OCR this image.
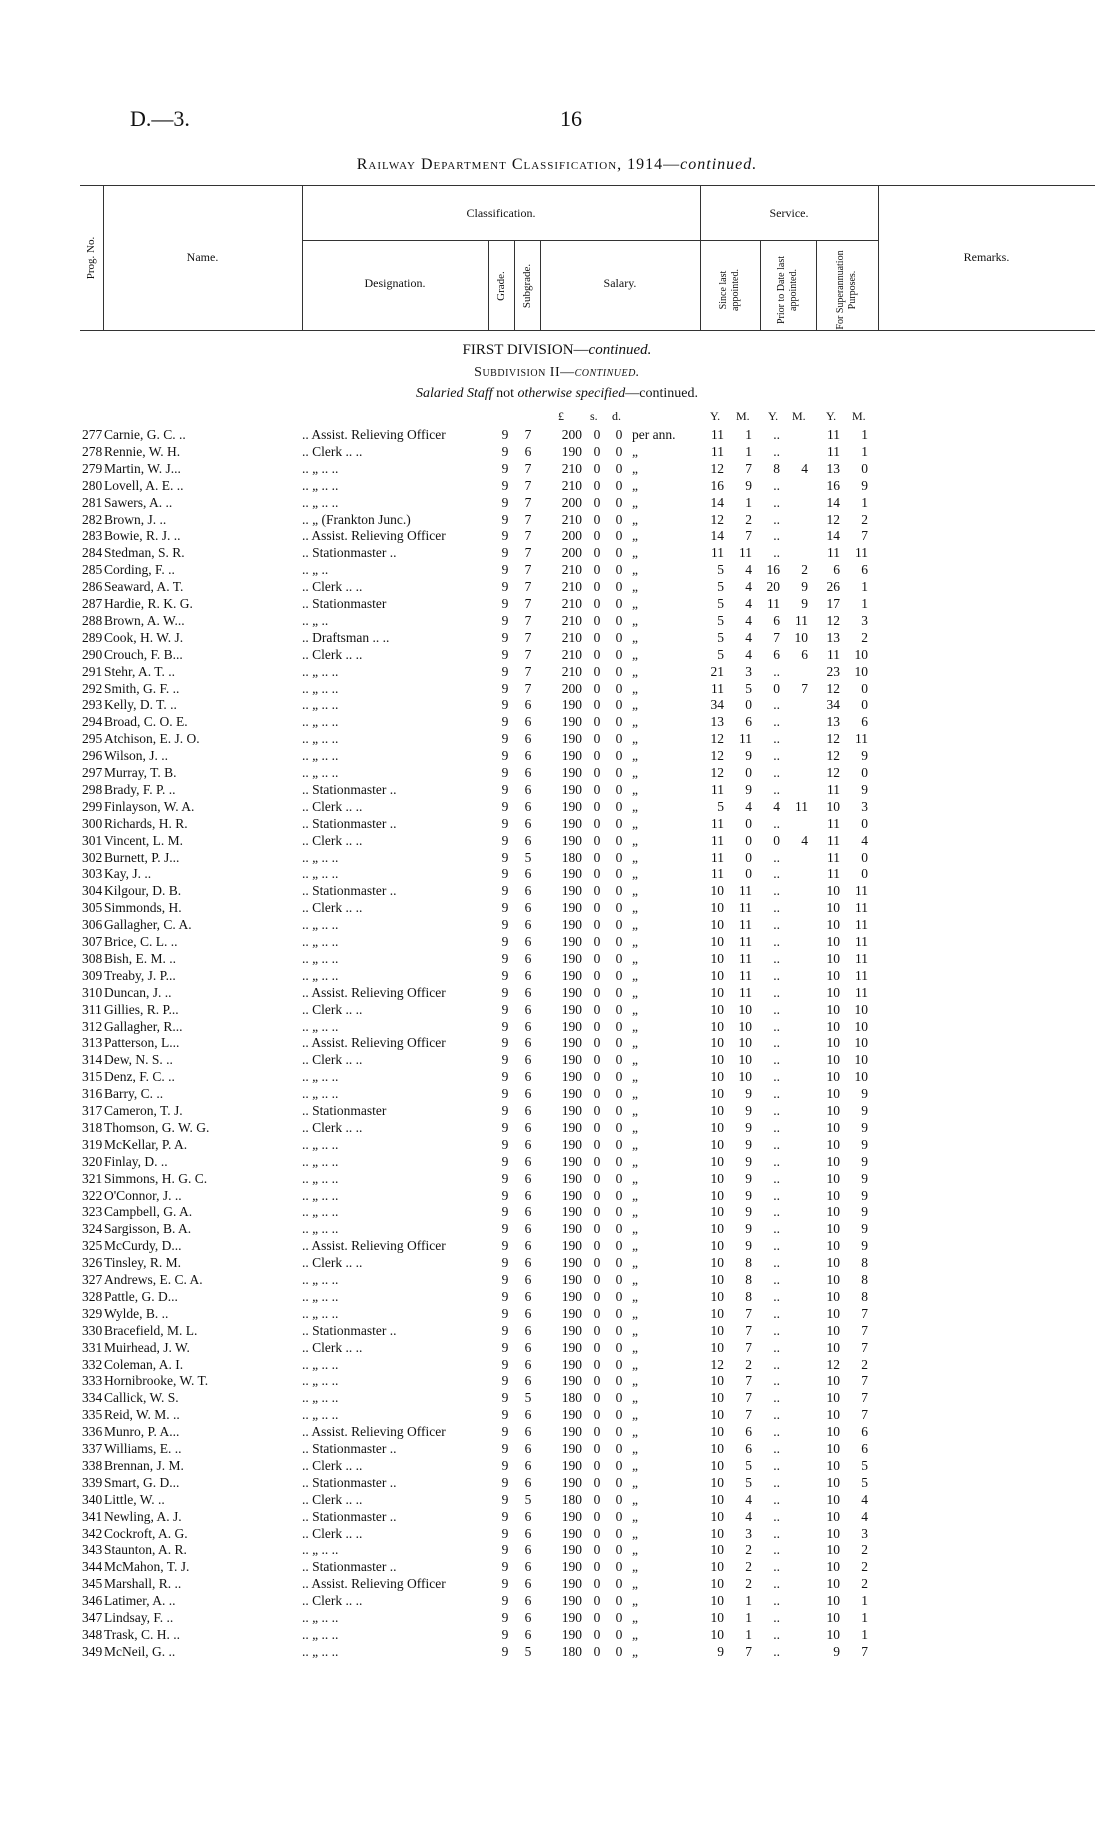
D.—3.	16
Railway Department Classification, 1914—continued.
Prog. No.	Name.
Classification.
Designation.	Grade. Subgrade.	Salary.
Service.
Since last appointed.	Prior to Date last appointed.	For Superannuation Purposes.
Remarks.
FIRST DIVISION—continued.
Subdivision II—continued.
Salaried Staff not otherwise specified—continued.
£ s. d.	Y. M. Y. M. Y. M.
277 Carnie, G. C. ..	.. Assist. Relieving Officer	9	7	200 0 0 per ann.	11	1	..	11	1
278 Rennie, W. H.	.. Clerk .. ..	9	6	190 0 0 „	11	1	..	11	1
279 Martin, W. J...	.. „ .. ..	9	7	210 0 0 „	12	7	8	4	13	0
280 Lovell, A. E. ..	.. „ .. ..	9	7	210 0 0 „	16	9	..	16	9
281 Sawers, A. ..	.. „ .. ..	9	7	200 0 0 „	14	1	..	14	1
282 Brown, J. ..	.. „ (Frankton Junc.)	9	7	210 0 0 „	12	2	..	12	2
283 Bowie, R. J. ..	.. Assist. Relieving Officer	9	7	200 0 0 „	14	7	..	14	7
284 Stedman, S. R.	.. Stationmaster ..	9	7	200 0 0 „	11	11	..	11	11
285 Cording, F. ..	.. „ ..	9	7	210 0 0 „	5	4	16	2	6	6
286 Seaward, A. T.	.. Clerk .. ..	9	7	210 0 0 „	5	4	20	9	26	1
287 Hardie, R. K. G.	.. Stationmaster	9	7	210 0 0 „	5	4	11	9	17	1
288 Brown, A. W...	.. „ ..	9	7	210 0 0 „	5	4	6	11	12	3
289 Cook, H. W. J.	.. Draftsman .. ..	9	7	210 0 0 „	5	4	7	10	13	2
290 Crouch, F. B...	.. Clerk .. ..	9	7	210 0 0 „	5	4	6	6	11	10
291 Stehr, A. T. ..	.. „ .. ..	9	7	210 0 0 „	21	3	..	23	10
292 Smith, G. F. ..	.. „ .. ..	9	7	200 0 0 „	11	5	0	7	12	0
293 Kelly, D. T. ..	.. „ .. ..	9	6	190 0 0 „	34	0	..	34	0
294 Broad, C. O. E.	.. „ .. ..	9	6	190 0 0 „	13	6	..	13	6
295 Atchison, E. J. O.	.. „ .. ..	9	6	190 0 0 „	12	11	..	12	11
296 Wilson, J. ..	.. „ .. ..	9	6	190 0 0 „	12	9	..	12	9
297 Murray, T. B.	.. „ .. ..	9	6	190 0 0 „	12	0	..	12	0
298 Brady, F. P. ..	.. Stationmaster ..	9	6	190 0 0 „	11	9	..	11	9
299 Finlayson, W. A.	.. Clerk .. ..	9	6	190 0 0 „	5	4	4	11	10	3
300 Richards, H. R.	.. Stationmaster ..	9	6	190 0 0 „	11	0	..	11	0
301 Vincent, L. M.	.. Clerk .. ..	9	6	190 0 0 „	11	0	0	4	11	4
302 Burnett, P. J...	.. „ .. ..	9	5	180 0 0 „	11	0	..	11	0
303 Kay, J. ..	.. „ .. ..	9	6	190 0 0 „	11	0	..	11	0
304 Kilgour, D. B.	.. Stationmaster ..	9	6	190 0 0 „	10	11	..	10	11
305 Simmonds, H.	.. Clerk .. ..	9	6	190 0 0 „	10	11	..	10	11
306 Gallagher, C. A.	.. „ .. ..	9	6	190 0 0 „	10	11	..	10	11
307 Brice, C. L. ..	.. „ .. ..	9	6	190 0 0 „	10	11	..	10	11
308 Bish, E. M. ..	.. „ .. ..	9	6	190 0 0 „	10	11	..	10	11
309 Treaby, J. P...	.. „ .. ..	9	6	190 0 0 „	10	11	..	10	11
310 Duncan, J. ..	.. Assist. Relieving Officer	9	6	190 0 0 „	10	11	..	10	11
311 Gillies, R. P...	.. Clerk .. ..	9	6	190 0 0 „	10	10	..	10	10
312 Gallagher, R...	.. „ .. ..	9	6	190 0 0 „	10	10	..	10	10
313 Patterson, L...	.. Assist. Relieving Officer	9	6	190 0 0 „	10	10	..	10	10
314 Dew, N. S. ..	.. Clerk .. ..	9	6	190 0 0 „	10	10	..	10	10
315 Denz, F. C. ..	.. „ .. ..	9	6	190 0 0 „	10	10	..	10	10
316 Barry, C. ..	.. „ .. ..	9	6	190 0 0 „	10	9	..	10	9
317 Cameron, T. J.	.. Stationmaster	9	6	190 0 0 „	10	9	..	10	9
318 Thomson, G. W. G.	.. Clerk .. ..	9	6	190 0 0 „	10	9	..	10	9
319 McKellar, P. A.	.. „ .. ..	9	6	190 0 0 „	10	9	..	10	9
320 Finlay, D. ..	.. „ .. ..	9	6	190 0 0 „	10	9	..	10	9
321 Simmons, H. G. C.	.. „ .. ..	9	6	190 0 0 „	10	9	..	10	9
322 O'Connor, J. ..	.. „ .. ..	9	6	190 0 0 „	10	9	..	10	9
323 Campbell, G. A.	.. „ .. ..	9	6	190 0 0 „	10	9	..	10	9
324 Sargisson, B. A.	.. „ .. ..	9	6	190 0 0 „	10	9	..	10	9
325 McCurdy, D...	.. Assist. Relieving Officer	9	6	190 0 0 „	10	9	..	10	9
326 Tinsley, R. M.	.. Clerk .. ..	9	6	190 0 0 „	10	8	..	10	8
327 Andrews, E. C. A.	.. „ .. ..	9	6	190 0 0 „	10	8	..	10	8
328 Pattle, G. D...	.. „ .. ..	9	6	190 0 0 „	10	8	..	10	8
329 Wylde, B. ..	.. „ .. ..	9	6	190 0 0 „	10	7	..	10	7
330 Bracefield, M. L.	.. Stationmaster ..	9	6	190 0 0 „	10	7	..	10	7
331 Muirhead, J. W.	.. Clerk .. ..	9	6	190 0 0 „	10	7	..	10	7
332 Coleman, A. I.	.. „ .. ..	9	6	190 0 0 „	12	2	..	12	2
333 Hornibrooke, W. T.	.. „ .. ..	9	6	190 0 0 „	10	7	..	10	7
334 Callick, W. S.	.. „ .. ..	9	5	180 0 0 „	10	7	..	10	7
335 Reid, W. M. ..	.. „ .. ..	9	6	190 0 0 „	10	7	..	10	7
336 Munro, P. A...	.. Assist. Relieving Officer	9	6	190 0 0 „	10	6	..	10	6
337 Williams, E. ..	.. Stationmaster ..	9	6	190 0 0 „	10	6	..	10	6
338 Brennan, J. M.	.. Clerk .. ..	9	6	190 0 0 „	10	5	..	10	5
339 Smart, G. D...	.. Stationmaster ..	9	6	190 0 0 „	10	5	..	10	5
340 Little, W. ..	.. Clerk .. ..	9	5	180 0 0 „	10	4	..	10	4
341 Newling, A. J.	.. Stationmaster ..	9	6	190 0 0 „	10	4	..	10	4
342 Cockroft, A. G.	.. Clerk .. ..	9	6	190 0 0 „	10	3	..	10	3
343 Staunton, A. R.	.. „ .. ..	9	6	190 0 0 „	10	2	..	10	2
344 McMahon, T. J.	.. Stationmaster ..	9	6	190 0 0 „	10	2	..	10	2
345 Marshall, R. ..	.. Assist. Relieving Officer	9	6	190 0 0 „	10	2	..	10	2
346 Latimer, A. ..	.. Clerk .. ..	9	6	190 0 0 „	10	1	..	10	1
347 Lindsay, F. ..	.. „ .. ..	9	6	190 0 0 „	10	1	..	10	1
348 Trask, C. H. ..	.. „ .. ..	9	6	190 0 0 „	10	1	..	10	1
349 McNeil, G. ..	.. „ .. ..	9	5	180 0 0 „	9	7	..	9	7
